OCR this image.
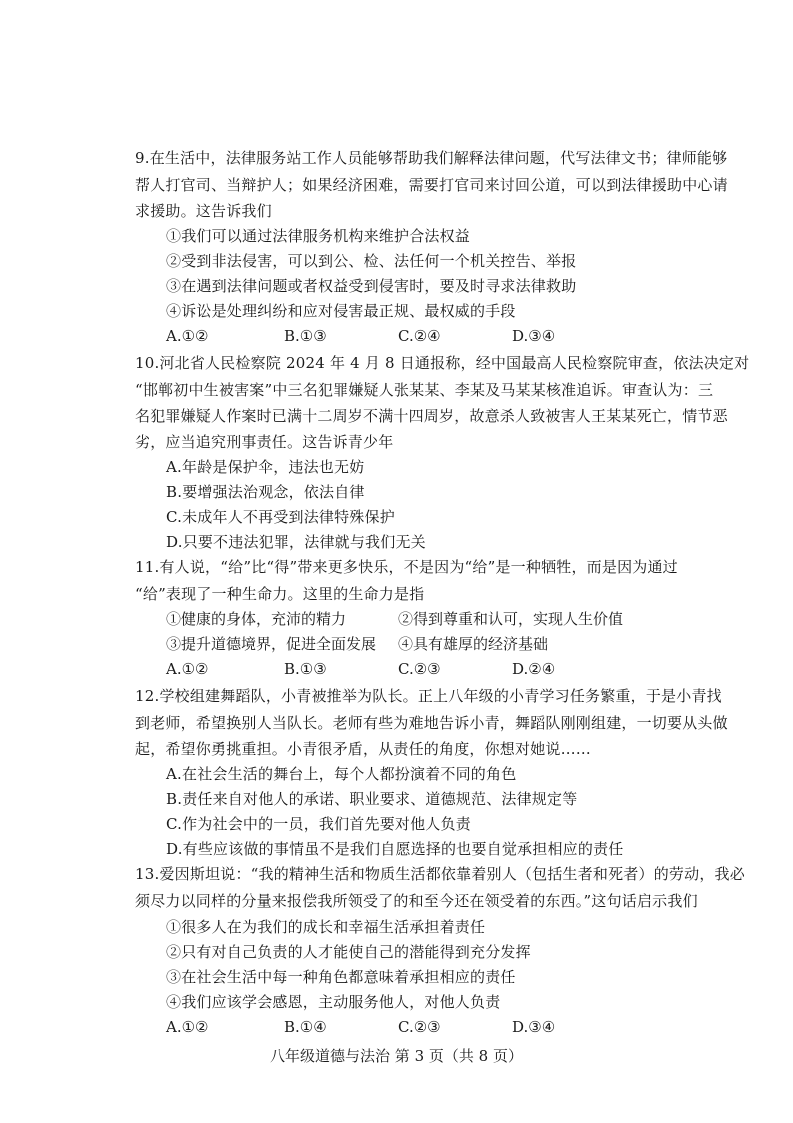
9.在生活中，法律服务站工作人员能够帮助我们解释法律问题，代写法律文书；律师能够
帮人打官司、当辩护人；如果经济困难，需要打官司来讨回公道，可以到法律援助中心请
求援助。这告诉我们
①我们可以通过法律服务机构来维护合法权益
②受到非法侵害，可以到公、检、法任何一个机关控告、举报
③在遇到法律问题或者权益受到侵害时，要及时寻求法律救助
④诉讼是处理纠纷和应对侵害最正规、最权威的手段
A.①②	B.①③	C.②④	D.③④
10.河北省人民检察院 2024 年 4 月 8 日通报称，经中国最高人民检察院审查，依法决定对
“邯郸初中生被害案”中三名犯罪嫌疑人张某某、李某及马某某核准追诉。审查认为：三
名犯罪嫌疑人作案时已满十二周岁不满十四周岁，故意杀人致被害人王某某死亡，情节恶
劣，应当追究刑事责任。这告诉青少年
A.年龄是保护伞，违法也无妨
B.要增强法治观念，依法自律
C.未成年人不再受到法律特殊保护
D.只要不违法犯罪，法律就与我们无关
11.有人说，“给”比“得”带来更多快乐，不是因为“给”是一种牺牲，而是因为通过
“给”表现了一种生命力。这里的生命力是指
①健康的身体，充沛的精力	②得到尊重和认可，实现人生价值
③提升道德境界，促进全面发展 ④具有雄厚的经济基础
A.①②	B.①③	C.②③	D.②④
12.学校组建舞蹈队，小青被推举为队长。正上八年级的小青学习任务繁重，于是小青找
到老师，希望换别人当队长。老师有些为难地告诉小青，舞蹈队刚刚组建，一切要从头做
起，希望你勇挑重担。小青很矛盾，从责任的角度，你想对她说……
A.在社会生活的舞台上，每个人都扮演着不同的角色
B.责任来自对他人的承诺、职业要求、道德规范、法律规定等
C.作为社会中的一员，我们首先要对他人负责
D.有些应该做的事情虽不是我们自愿选择的也要自觉承担相应的责任
13.爱因斯坦说：“我的精神生活和物质生活都依靠着别人（包括生者和死者）的劳动，我必
须尽力以同样的分量来报偿我所领受了的和至今还在领受着的东西。”这句话启示我们
①很多人在为我们的成长和幸福生活承担着责任
②只有对自己负责的人才能使自己的潜能得到充分发挥
③在社会生活中每一种角色都意味着承担相应的责任
④我们应该学会感恩，主动服务他人，对他人负责
A.①②	B.①④	C.②③	D.③④
八年级道德与法治 第 3 页（共 8 页）
